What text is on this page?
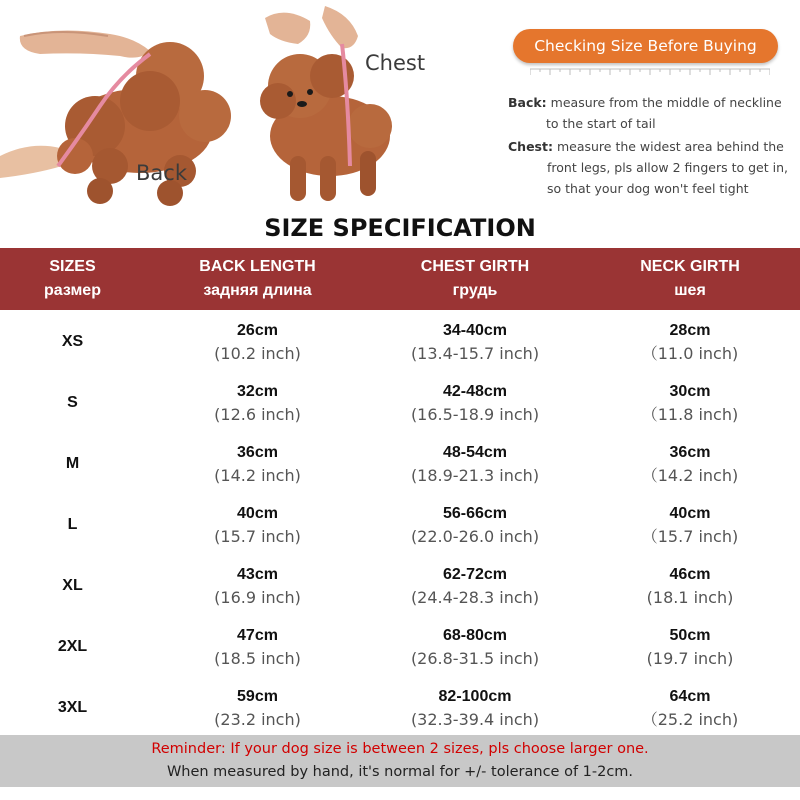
Back
Chest
Checking Size Before Buying
Back: measure from the middle of neckline
to the start of tail
Chest: measure the widest area behind the
front legs, pls allow 2 fingers to get in,
so that your dog won't feel tight
SIZE SPECIFICATION
SIZES
размер
BACK LENGTH
задняя длина
CHEST GIRTH
грудь
NECK GIRTH
шея
XS
26cm
(10.2 inch)
34-40cm
(13.4-15.7 inch)
28cm
（11.0 inch)
S
32cm
(12.6 inch)
42-48cm
(16.5-18.9 inch)
30cm
（11.8 inch)
M
36cm
(14.2 inch)
48-54cm
(18.9-21.3 inch)
36cm
（14.2 inch)
L
40cm
(15.7 inch)
56-66cm
(22.0-26.0 inch)
40cm
（15.7 inch)
XL
43cm
(16.9 inch)
62-72cm
(24.4-28.3 inch)
46cm
(18.1 inch)
2XL
47cm
(18.5 inch)
68-80cm
(26.8-31.5 inch)
50cm
(19.7 inch)
3XL
59cm
(23.2 inch)
82-100cm
(32.3-39.4 inch)
64cm
（25.2 inch)
Reminder: If your dog size is between 2 sizes, pls choose larger one.
When measured by hand, it's normal for +/- tolerance of 1-2cm.
